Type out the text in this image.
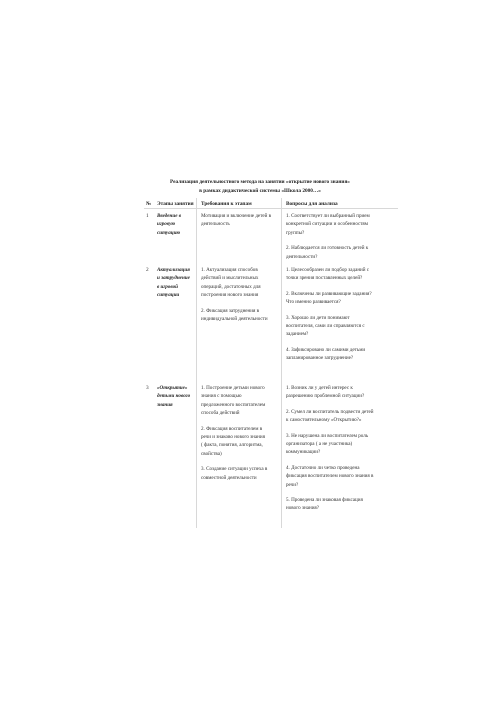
Реализация деятельностного метода на занятии «открытие нового знания»
в рамках дидактической системы «Школа 2000…»
№ Этапы занятия Требования к этапам	Вопросы для анализа
1 Введение в
игровую
ситуацию

Мотивация и включение детей в
деятельность

1. Соответствует ли выбранный прием
конкретной ситуации и особенностям
группы?

2. Наблюдается ли готовность детей к
деятельности?

2 Актуализация
и затруднение
в игровой
ситуации

1. Актуализация способов
действий и мыслительных
операций, достаточных для
построения нового знания

2. Фиксация затруднения в
индивидуальной деятельности

1. Целесообразен ли подбор заданий с
точки зрения поставленных целей?

2. Включены ли развивающие задания?
Что именно развивается?

3. Хорошо ли дети понимают
воспитателя, сами ли справляются с
заданием?

4. Зафиксировано ли самими детьми
запланированное затруднение?

3 «Открытие»
детьми нового
знания

1. Построение детьми нового
знания с помощью
предложенного воспитателем
способа действий

2. Фиксация воспитателем в
речи и знаково нового знания
( факта, понятия, алгоритма,
свойства)

3. Создание ситуации успеха в
совместной деятельности

1. Возник ли у детей интерес к
разрешению проблемной ситуации?

2. Сумел ли воспитатель подвести детей
к самостоятельному «Открытию?»

3. Не нарушена ли воспитателем роль
организатора ( а не участника)
коммуникации?

4. Достаточно ли четко проведена
фиксация воспитателем нового знания в
речи?

5. Проведена ли знаковая фиксация
нового знания?
